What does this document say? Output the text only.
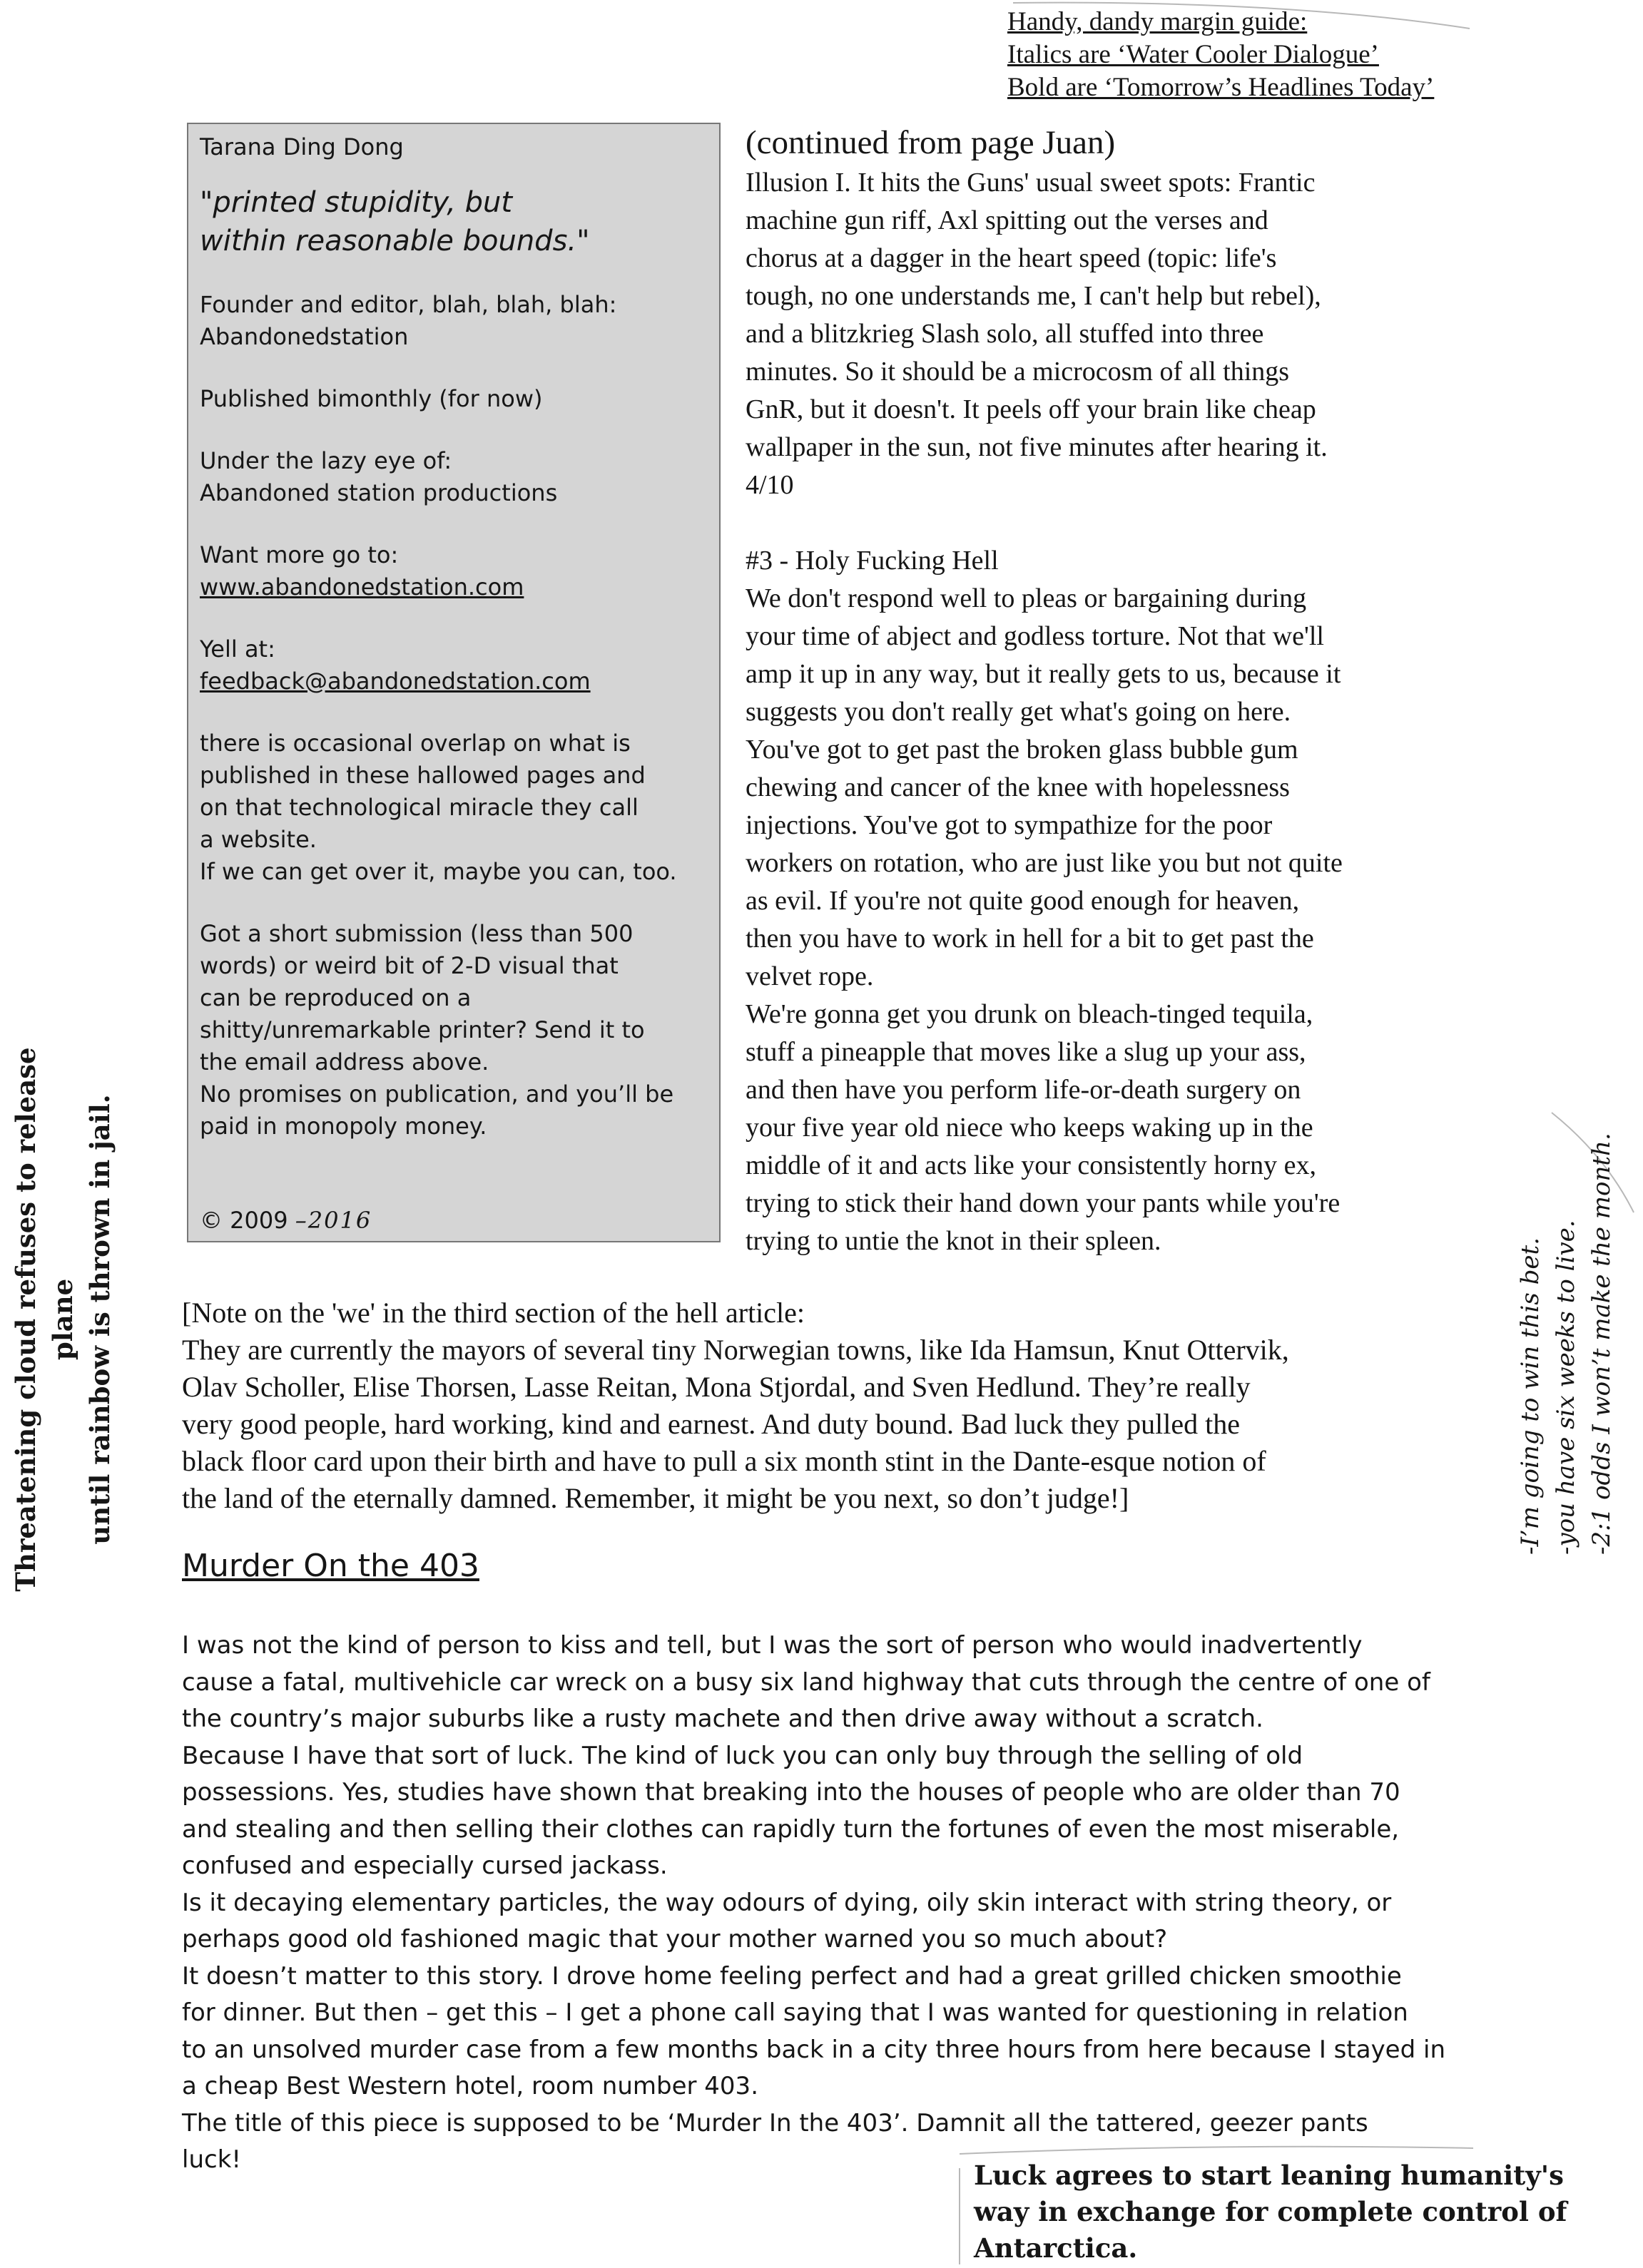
Handy, dandy margin guide:
Italics are ‘Water Cooler Dialogue’
Bold are ‘Tomorrow’s Headlines Today’
Tarana Ding Dong
"printed stupidity, but
within reasonable bounds."
Founder and editor, blah, blah, blah:
Abandonedstation
Published bimonthly (for now)
Under the lazy eye of:
Abandoned station productions
Want more go to:
www.abandonedstation.com
Yell at:
feedback@abandonedstation.com
there is occasional overlap on what is
published in these hallowed pages and
on that technological miracle they call
a website.
If we can get over it, maybe you can, too.
Got a short submission (less than 500
words) or weird bit of 2-D visual that
can be reproduced on a
shitty/unremarkable printer? Send it to
the email address above.
No promises on publication, and you’ll be
paid in monopoly money.
© 2009 –2016
(continued from page Juan)

Illusion I. It hits the Guns' usual sweet spots: Frantic

machine gun riff, Axl spitting out the verses and

chorus at a dagger in the heart speed (topic: life's

tough, no one understands me, I can't help but rebel),

and a blitzkrieg Slash solo, all stuffed into three

minutes. So it should be a microcosm of all things

GnR, but it doesn't. It peels off your brain like cheap

wallpaper in the sun, not five minutes after hearing it.

4/10

#3 - Holy Fucking Hell

We don't respond well to pleas or bargaining during

your time of abject and godless torture. Not that we'll

amp it up in any way, but it really gets to us, because it

suggests you don't really get what's going on here.

You've got to get past the broken glass bubble gum

chewing and cancer of the knee with hopelessness

injections. You've got to sympathize for the poor

workers on rotation, who are just like you but not quite

as evil. If you're not quite good enough for heaven,

then you have to work in hell for a bit to get past the

velvet rope.

We're gonna get you drunk on bleach-tinged tequila,

stuff a pineapple that moves like a slug up your ass,

and then have you perform life-or-death surgery on

your five year old niece who keeps waking up in the

middle of it and acts like your consistently horny ex,

trying to stick their hand down your pants while you're

trying to untie the knot in their spleen.

[Note on the 'we' in the third section of the hell article:

They are currently the mayors of several tiny Norwegian towns, like Ida Hamsun, Knut Ottervik,

Olav Scholler, Elise Thorsen, Lasse Reitan, Mona Stjordal, and Sven Hedlund. They’re really

very good people, hard working, kind and earnest. And duty bound. Bad luck they pulled the

black floor card upon their birth and have to pull a six month stint in the Dante-esque notion of

the land of the eternally damned. Remember, it might be you next, so don’t judge!]

Murder On the 403

I was not the kind of person to kiss and tell, but I was the sort of person who would inadvertently

cause a fatal, multivehicle car wreck on a busy six land highway that cuts through the centre of one of

the country’s major suburbs like a rusty machete and then drive away without a scratch.

Because I have that sort of luck. The kind of luck you can only buy through the selling of old

possessions. Yes, studies have shown that breaking into the houses of people who are older than 70

and stealing and then selling their clothes can rapidly turn the fortunes of even the most miserable,

confused and especially cursed jackass.

Is it decaying elementary particles, the way odours of dying, oily skin interact with string theory, or

perhaps good old fashioned magic that your mother warned you so much about?

It doesn’t matter to this story. I drove home feeling perfect and had a great grilled chicken smoothie

for dinner. But then – get this – I get a phone call saying that I was wanted for questioning in relation

to an unsolved murder case from a few months back in a city three hours from here because I stayed in

a cheap Best Western hotel, room number 403.

The title of this piece is supposed to be ‘Murder In the 403’. Damnit all the tattered, geezer pants

luck!	Luck agrees to start leaning humanity's
way in exchange for complete control of
Antarctica.
Threatening cloud refuses to release plane until rainbow is thrown in jail.	-I’m going to win this bet. -you have six weeks to live. -2:1 odds I won’t make the month.
